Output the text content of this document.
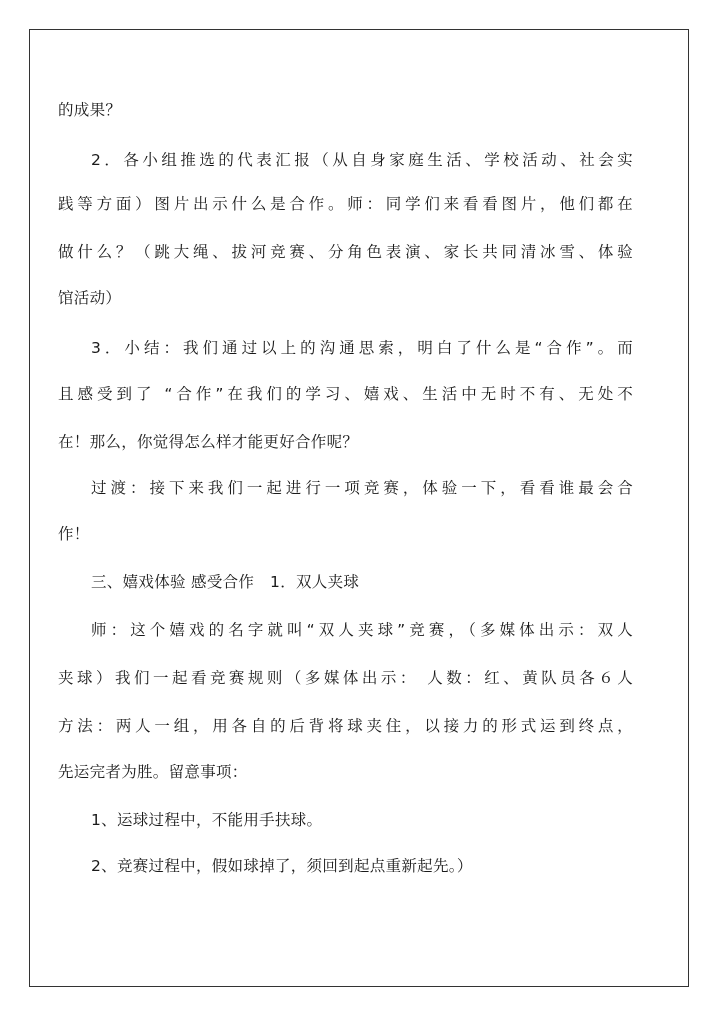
的成果？
2．各小组推选的代表汇报（从自身家庭生活、学校活动、社会实
践等方面）图片出示什么是合作。师：同学们来看看图片，他们都在
做什么？（跳大绳、拔河竞赛、分角色表演、家长共同清冰雪、体验
馆活动）
3．小结：我们通过以上的沟通思索，明白了什么是“合作”。而
且感受到了 “合作”在我们的学习、嬉戏、生活中无时不有、无处不
在！那么，你觉得怎么样才能更好合作呢？
过渡：接下来我们一起进行一项竞赛，体验一下，看看谁最会合
作！
三、嬉戏体验 感受合作　1．双人夹球
师：这个嬉戏的名字就叫“双人夹球”竞赛，（多媒体出示：双人
夹球）我们一起看竞赛规则（多媒体出示： 人数：红、黄队员各６人
方法：两人一组，用各自的后背将球夹住，以接力的形式运到终点，
先运完者为胜。留意事项：
1、运球过程中，不能用手扶球。
2、竞赛过程中，假如球掉了，须回到起点重新起先。）
